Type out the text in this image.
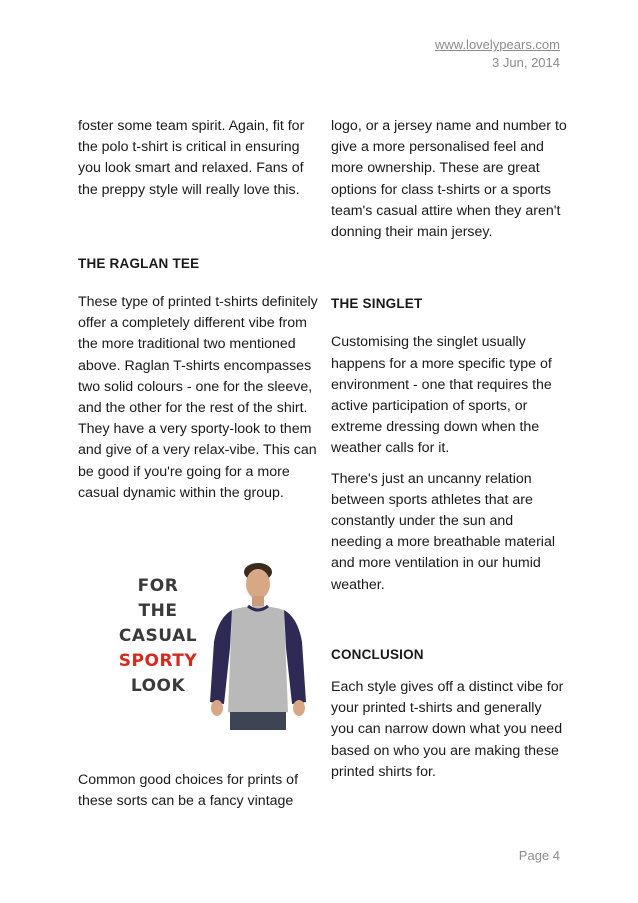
www.lovelypears.com
3 Jun, 2014

foster some team spirit. Again, fit for the polo t-shirt is critical in ensuring you look smart and relaxed. Fans of the preppy style will really love this.

THE RAGLAN TEE

These type of printed t-shirts definitely offer a completely different vibe from the more traditional two mentioned above. Raglan T-shirts encompasses two solid colours - one for the sleeve, and the other for the rest of the shirt. They have a very sporty-look to them and give of a very relax-vibe. This can be good if you're going for a more casual dynamic within the group.

FOR
THE CASUAL
SPORTY
LOOK

Common good choices for prints of these sorts can be a fancy vintage

logo, or a jersey name and number to give a more personalised feel and more ownership. These are great options for class t-shirts or a sports team's casual attire when they aren't donning their main jersey.

THE SINGLET

Customising the singlet usually happens for a more specific type of environment - one that requires the active participation of sports, or extreme dressing down when the weather calls for it.

There's just an uncanny relation between sports athletes that are constantly under the sun and needing a more breathable material and more ventilation in our humid weather.

CONCLUSION

Each style gives off a distinct vibe for your printed t-shirts and generally you can narrow down what you need based on who you are making these printed shirts for.

Page 4
